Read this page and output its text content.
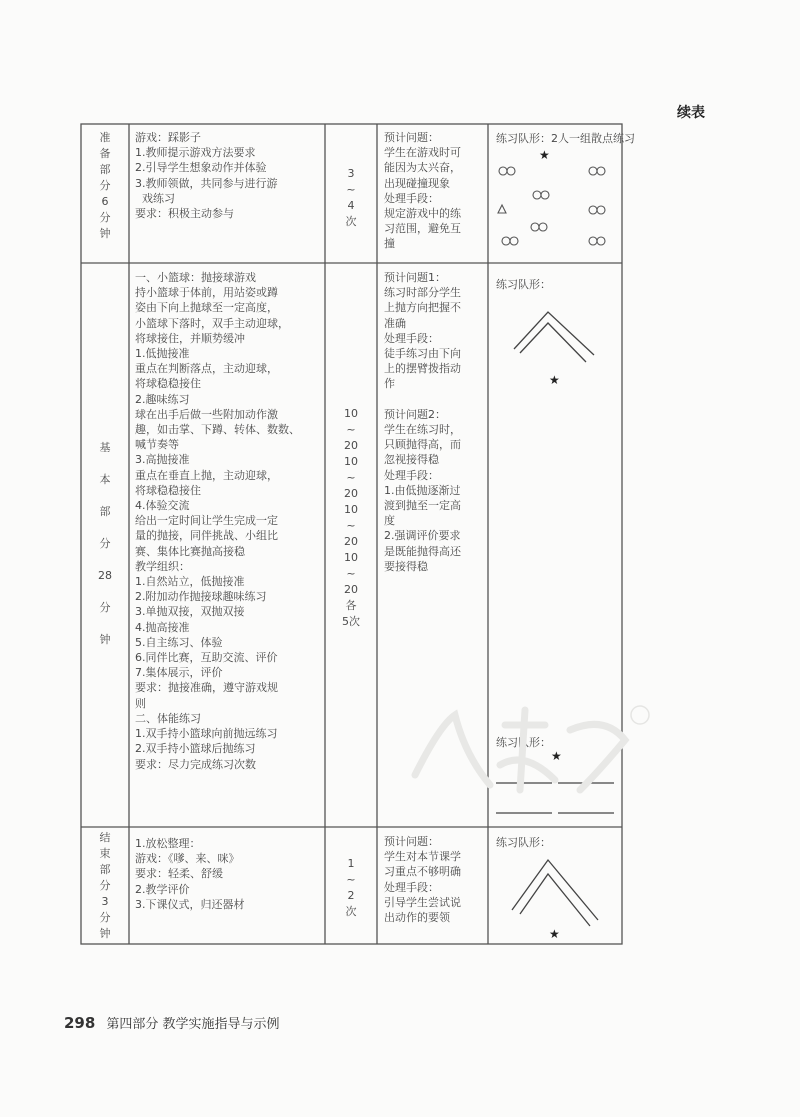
续表
准
备
部
分
6
分
钟
游戏：踩影子
1.教师提示游戏方法要求
2.引导学生想象动作并体验
3.教师领做，共同参与进行游
戏练习
要求：积极主动参与
3
~
4
次
预计问题：
学生在游戏时可
能因为太兴奋，
出现碰撞现象
处理手段：
规定游戏中的练
习范围，避免互
撞
练习队形：2人一组散点练习
★
基

本

部

分

28

分

钟
一、小篮球：抛接球游戏
持小篮球于体前，用站姿或蹲
姿由下向上抛球至一定高度，
小篮球下落时，双手主动迎球，
将球接住，并顺势缓冲
1.低抛接准
重点在判断落点，主动迎球，
将球稳稳接住
2.趣味练习
球在出手后做一些附加动作激
趣，如击掌、下蹲、转体、数数、
喊节奏等
3.高抛接准
重点在垂直上抛，主动迎球，
将球稳稳接住
4.体验交流
给出一定时间让学生完成一定
量的抛接，同伴挑战、小组比
赛、集体比赛抛高接稳
教学组织：
1.自然站立，低抛接准
2.附加动作抛接球趣味练习
3.单抛双接，双抛双接
4.抛高接准
5.自主练习、体验
6.同伴比赛，互助交流、评价
7.集体展示，评价
要求：抛接准确，遵守游戏规
则
二、体能练习
1.双手持小篮球向前抛远练习
2.双手持小篮球后抛练习
要求：尽力完成练习次数
10
~
20
10
~
20
10
~
20
10
~
20
各
5次
预计问题1：
练习时部分学生
上抛方向把握不
准确
处理手段：
徒手练习由下向
上的摆臂拨指动
作

预计问题2：
学生在练习时，
只顾抛得高，而
忽视接得稳
处理手段：
1.由低抛逐渐过
渡到抛至一定高
度
2.强调评价要求
是既能抛得高还
要接得稳
练习队形：
★
练习队形：
★
结
束
部
分
3
分
钟
1.放松整理：
游戏：《嗲、来、咪》
要求：轻柔、舒缓
2.教学评价
3.下课仪式，归还器材
1
~
2
次
预计问题：
学生对本节课学
习重点不够明确
处理手段：
引导学生尝试说
出动作的要领
练习队形：
★
298 第四部分 教学实施指导与示例
